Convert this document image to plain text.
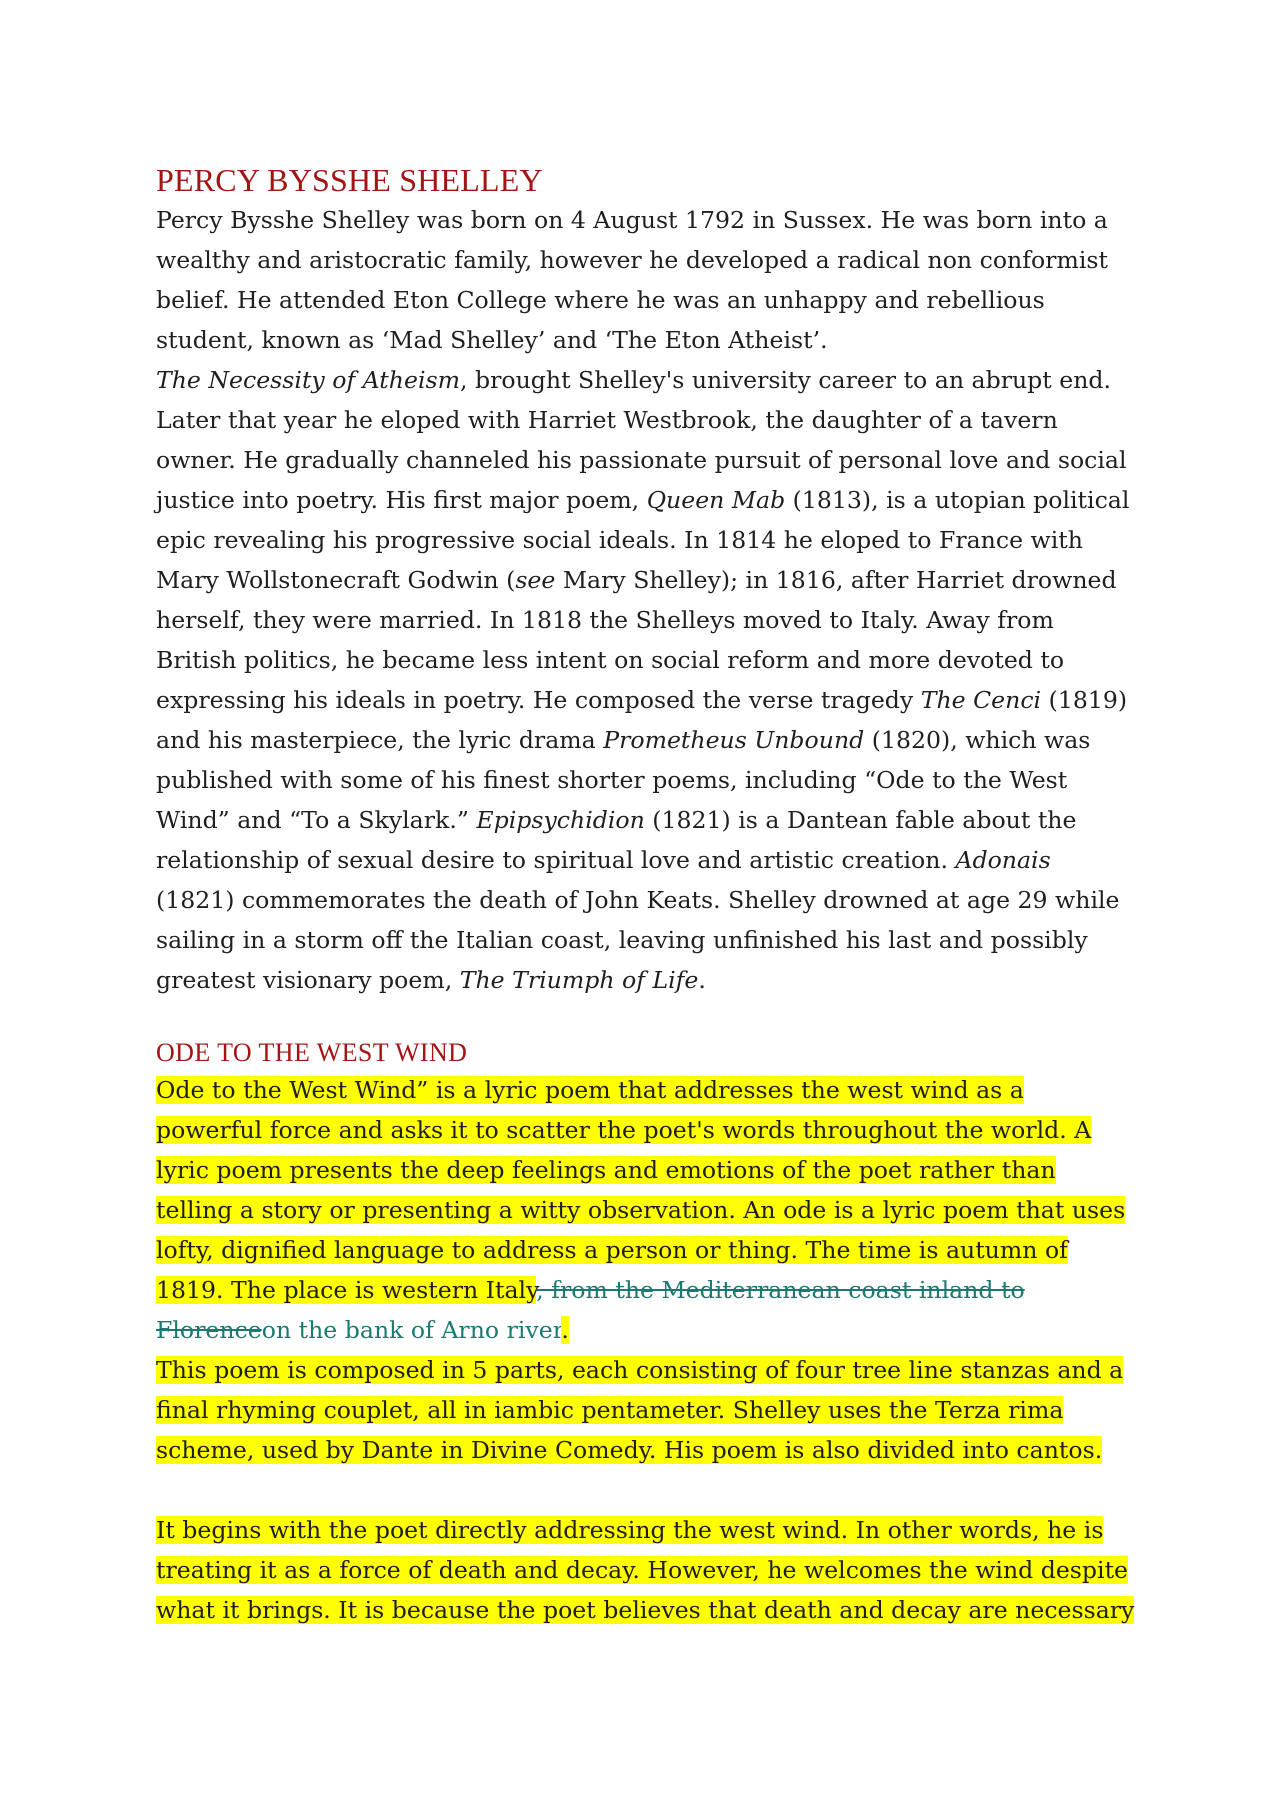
PERCY BYSSHE SHELLEY

Percy Bysshe Shelley was born on 4 August 1792 in Sussex. He was born into a wealthy and aristocratic family, however he developed a radical non conformist belief. He attended Eton College where he was an unhappy and rebellious student, known as ‘Mad Shelley’ and ‘The Eton Atheist’.

The Necessity of Atheism, brought Shelley's university career to an abrupt end. Later that year he eloped with Harriet Westbrook, the daughter of a tavern owner. He gradually channeled his passionate pursuit of personal love and social justice into poetry. His first major poem, Queen Mab (1813), is a utopian political epic revealing his progressive social ideals. In 1814 he eloped to France with Mary Wollstonecraft Godwin (see Mary Shelley); in 1816, after Harriet drowned herself, they were married. In 1818 the Shelleys moved to Italy. Away from British politics, he became less intent on social reform and more devoted to expressing his ideals in poetry. He composed the verse tragedy The Cenci (1819) and his masterpiece, the lyric drama Prometheus Unbound (1820), which was published with some of his finest shorter poems, including “Ode to the West Wind” and “To a Skylark.” Epipsychidion (1821) is a Dantean fable about the relationship of sexual desire to spiritual love and artistic creation. Adonais (1821) commemorates the death of John Keats. Shelley drowned at age 29 while sailing in a storm off the Italian coast, leaving unfinished his last and possibly greatest visionary poem, The Triumph of Life.

ODE TO THE WEST WIND

Ode to the West Wind” is a lyric poem that addresses the west wind as a powerful force and asks it to scatter the poet's words throughout the world. A lyric poem presents the deep feelings and emotions of the poet rather than telling a story or presenting a witty observation. An ode is a lyric poem that uses lofty, dignified language to address a person or thing. The time is autumn of 1819. The place is western Italy, from the Mediterranean coast inland to Florenceon the bank of Arno river.

This poem is composed in 5 parts, each consisting of four tree line stanzas and a final rhyming couplet, all in iambic pentameter. Shelley uses the Terza rima scheme, used by Dante in Divine Comedy. His poem is also divided into cantos.

It begins with the poet directly addressing the west wind. In other words, he is treating it as a force of death and decay. However, he welcomes the wind despite what it brings. It is because the poet believes that death and decay are necessary
